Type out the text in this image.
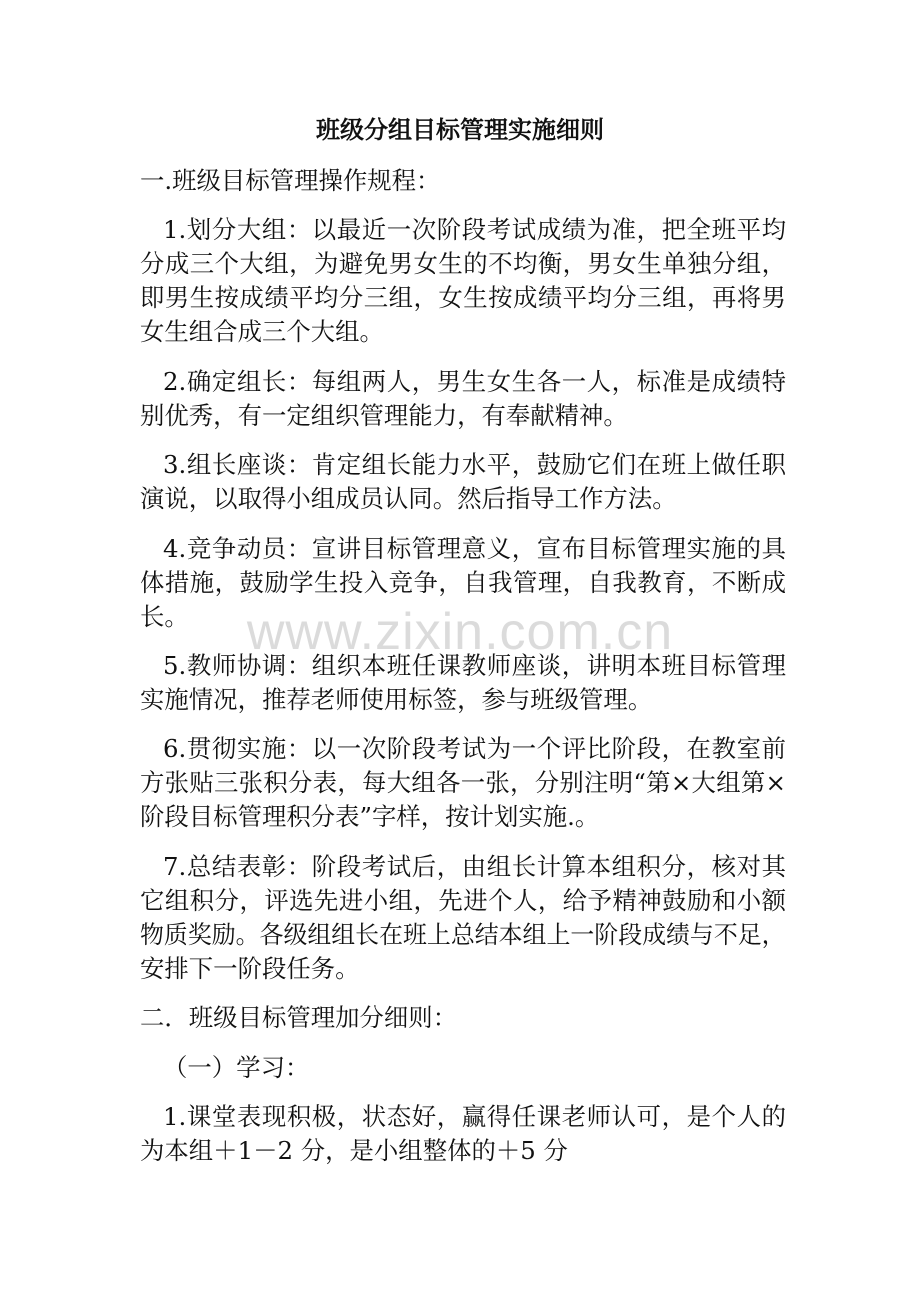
www.zixin.com.cn
班级分组目标管理实施细则
一.班级目标管理操作规程：
1.划分大组：以最近一次阶段考试成绩为准，把全班平均
分成三个大组，为避免男女生的不均衡，男女生单独分组，
即男生按成绩平均分三组，女生按成绩平均分三组，再将男
女生组合成三个大组。
2.确定组长：每组两人，男生女生各一人，标准是成绩特
别优秀，有一定组织管理能力，有奉献精神。
3.组长座谈：肯定组长能力水平，鼓励它们在班上做任职
演说，以取得小组成员认同。然后指导工作方法。
4.竞争动员：宣讲目标管理意义，宣布目标管理实施的具
体措施，鼓励学生投入竞争，自我管理，自我教育，不断成
长。
5.教师协调：组织本班任课教师座谈，讲明本班目标管理
实施情况，推荐老师使用标签，参与班级管理。
6.贯彻实施：以一次阶段考试为一个评比阶段，在教室前
方张贴三张积分表，每大组各一张，分别注明“第×大组第×
阶段目标管理积分表”字样，按计划实施.。
7.总结表彰：阶段考试后，由组长计算本组积分，核对其
它组积分，评选先进小组，先进个人，给予精神鼓励和小额
物质奖励。各级组组长在班上总结本组上一阶段成绩与不足，
安排下一阶段任务。
二．班级目标管理加分细则：
（一）学习：
1.课堂表现积极，状态好，赢得任课老师认可，是个人的
为本组＋1－2 分，是小组整体的＋5 分
